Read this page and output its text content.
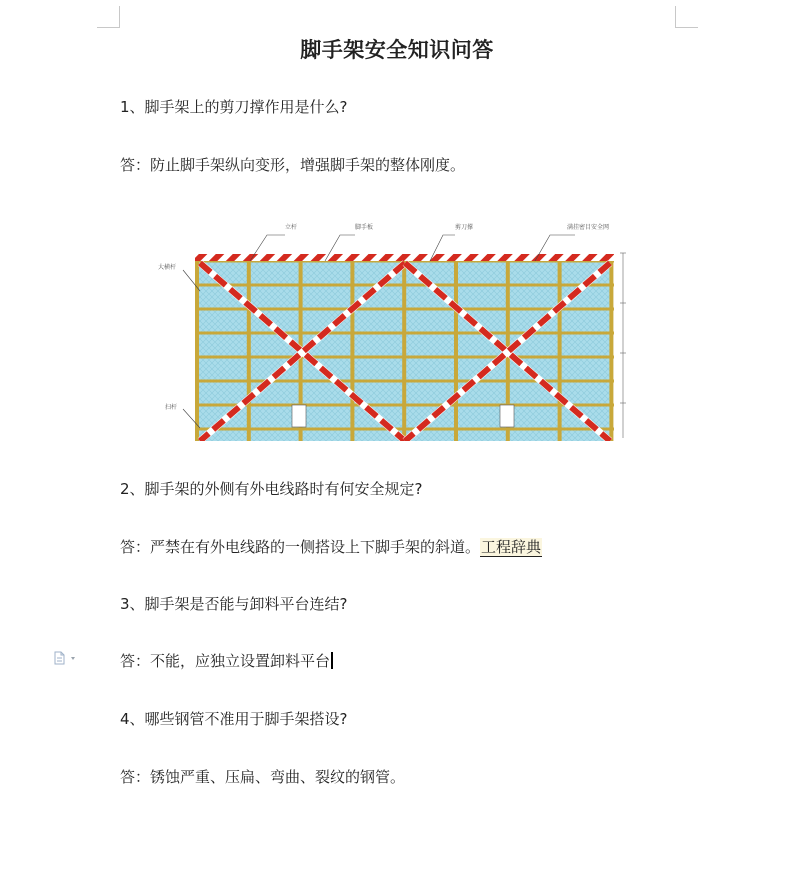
脚手架安全知识问答
1、脚手架上的剪刀撑作用是什么?
答：防止脚手架纵向变形，增强脚手架的整体刚度。
立杆	脚手板	剪刀撑	满挂密目安全网
大横杆
扫杆
2、脚手架的外侧有外电线路时有何安全规定?
答：严禁在有外电线路的一侧搭设上下脚手架的斜道。工程辞典
3、脚手架是否能与卸料平台连结?
答：不能，应独立设置卸料平台
4、哪些钢管不准用于脚手架搭设?
答：锈蚀严重、压扁、弯曲、裂纹的钢管。
